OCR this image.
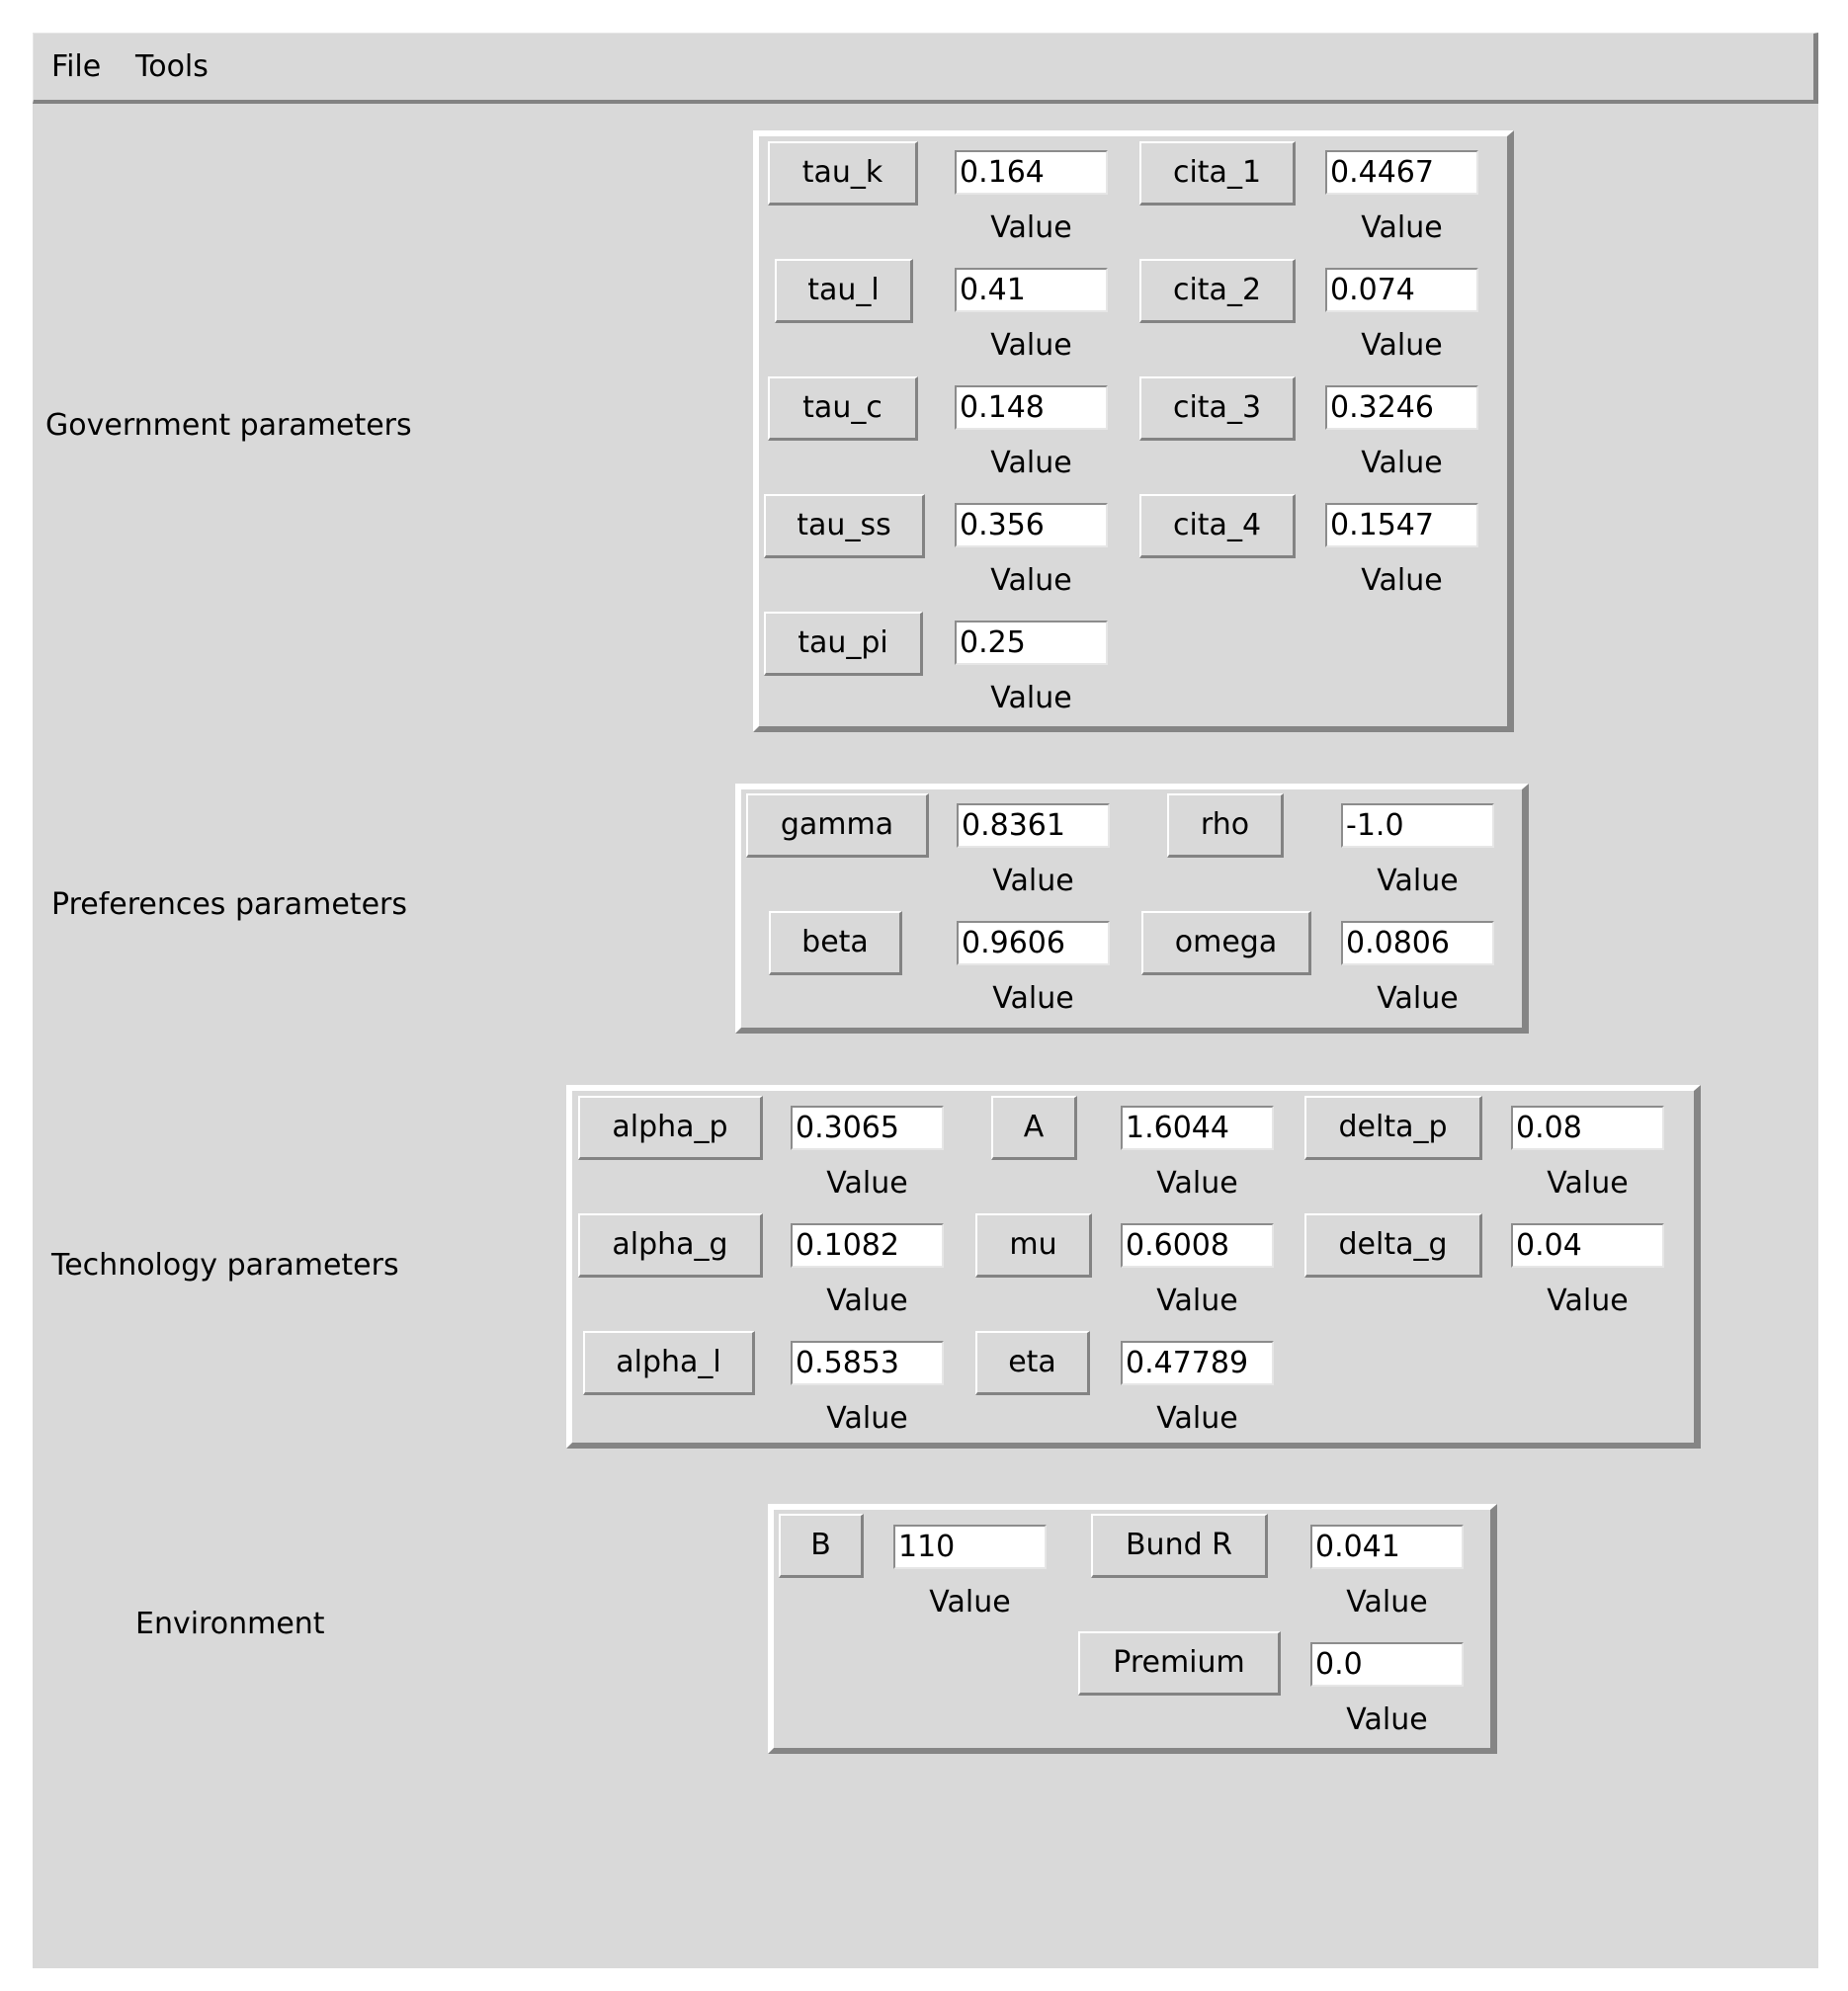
File Tools
Government parameters
Preferences parameters
Technology parameters
Environment
tau_k
0.164
Value
tau_l
0.41
Value
tau_c
0.148
Value
tau_ss
0.356
Value
tau_pi
0.25
Value
cita_1
0.4467
Value
cita_2
0.074
Value
cita_3
0.3246
Value
cita_4
0.1547
Value
gamma
0.8361
Value
beta
0.9606
Value
rho
-1.0
Value
omega
0.0806
Value
alpha_p
0.3065
Value
alpha_g
0.1082
Value
alpha_l
0.5853
Value
A
1.6044
Value
mu
0.6008
Value
eta
0.47789
Value
delta_p
0.08
Value
delta_g
0.04
Value
B
110
Value
Bund R
0.041
Value
Premium
0.0
Value
